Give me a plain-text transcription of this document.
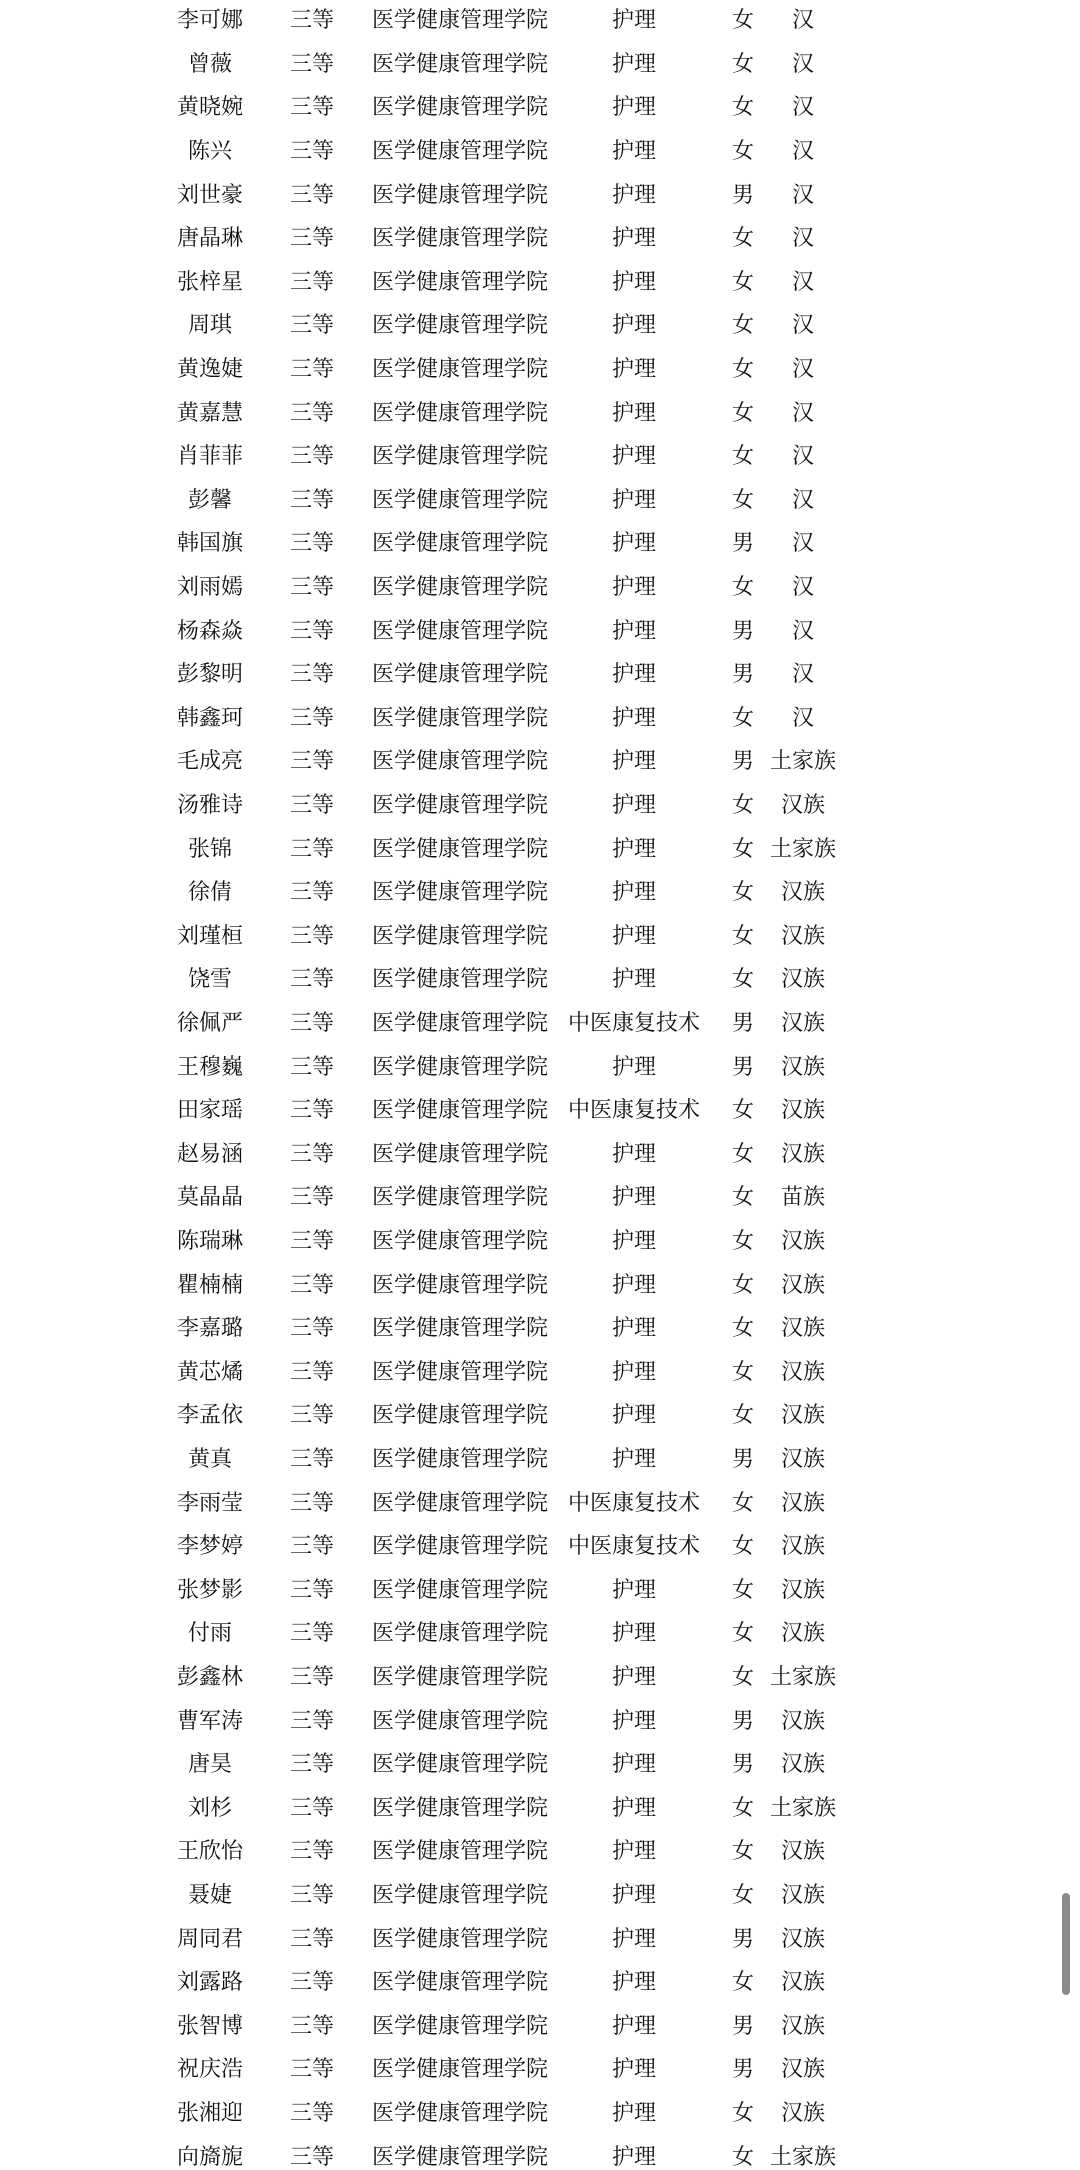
李可娜 三等 医学健康管理学院	护理	女 汉
曾薇	三等 医学健康管理学院	护理	女 汉
黄晓婉 三等 医学健康管理学院	护理	女 汉
陈兴	三等 医学健康管理学院	护理	女 汉
刘世豪 三等 医学健康管理学院	护理	男 汉
唐晶琳 三等 医学健康管理学院	护理	女 汉
张梓星 三等 医学健康管理学院	护理	女 汉
周琪	三等 医学健康管理学院	护理	女 汉
黄逸婕 三等 医学健康管理学院	护理	女 汉
黄嘉慧 三等 医学健康管理学院	护理	女 汉
肖菲菲 三等 医学健康管理学院	护理	女 汉
彭馨	三等 医学健康管理学院	护理	女 汉
韩国旗 三等 医学健康管理学院	护理	男 汉
刘雨嫣 三等 医学健康管理学院	护理	女 汉
杨森焱 三等 医学健康管理学院	护理	男 汉
彭黎明 三等 医学健康管理学院	护理	男 汉
韩鑫珂 三等 医学健康管理学院	护理	女 汉
毛成亮 三等 医学健康管理学院	护理	男 土家族
汤雅诗 三等 医学健康管理学院	护理	女 汉族
张锦	三等 医学健康管理学院	护理	女 土家族
徐倩	三等 医学健康管理学院	护理	女 汉族
刘瑾桓 三等 医学健康管理学院	护理	女 汉族
饶雪	三等 医学健康管理学院	护理	女 汉族
徐佩严 三等 医学健康管理学院 中医康复技术 男 汉族
王穆巍 三等 医学健康管理学院	护理	男 汉族
田家瑶 三等 医学健康管理学院 中医康复技术 女 汉族
赵易涵 三等 医学健康管理学院	护理	女 汉族
莫晶晶 三等 医学健康管理学院	护理	女 苗族
陈瑞琳 三等 医学健康管理学院	护理	女 汉族
瞿楠楠 三等 医学健康管理学院	护理	女 汉族
李嘉璐 三等 医学健康管理学院	护理	女 汉族
黄芯燏 三等 医学健康管理学院	护理	女 汉族
李孟依 三等 医学健康管理学院	护理	女 汉族
黄真	三等 医学健康管理学院	护理	男 汉族
李雨莹 三等 医学健康管理学院 中医康复技术 女 汉族
李梦婷 三等 医学健康管理学院 中医康复技术 女 汉族
张梦影 三等 医学健康管理学院	护理	女 汉族
付雨	三等 医学健康管理学院	护理	女 汉族
彭鑫林 三等 医学健康管理学院	护理	女 土家族
曹军涛 三等 医学健康管理学院	护理	男 汉族
唐昊	三等 医学健康管理学院	护理	男 汉族
刘杉	三等 医学健康管理学院	护理	女 土家族
王欣怡 三等 医学健康管理学院	护理	女 汉族
聂婕	三等 医学健康管理学院	护理	女 汉族
周同君 三等 医学健康管理学院	护理	男 汉族
刘露路 三等 医学健康管理学院	护理	女 汉族
张智博 三等 医学健康管理学院	护理	男 汉族
祝庆浩 三等 医学健康管理学院	护理	男 汉族
张湘迎 三等 医学健康管理学院	护理	女 汉族
向旖旎 三等 医学健康管理学院	护理	女 土家族
